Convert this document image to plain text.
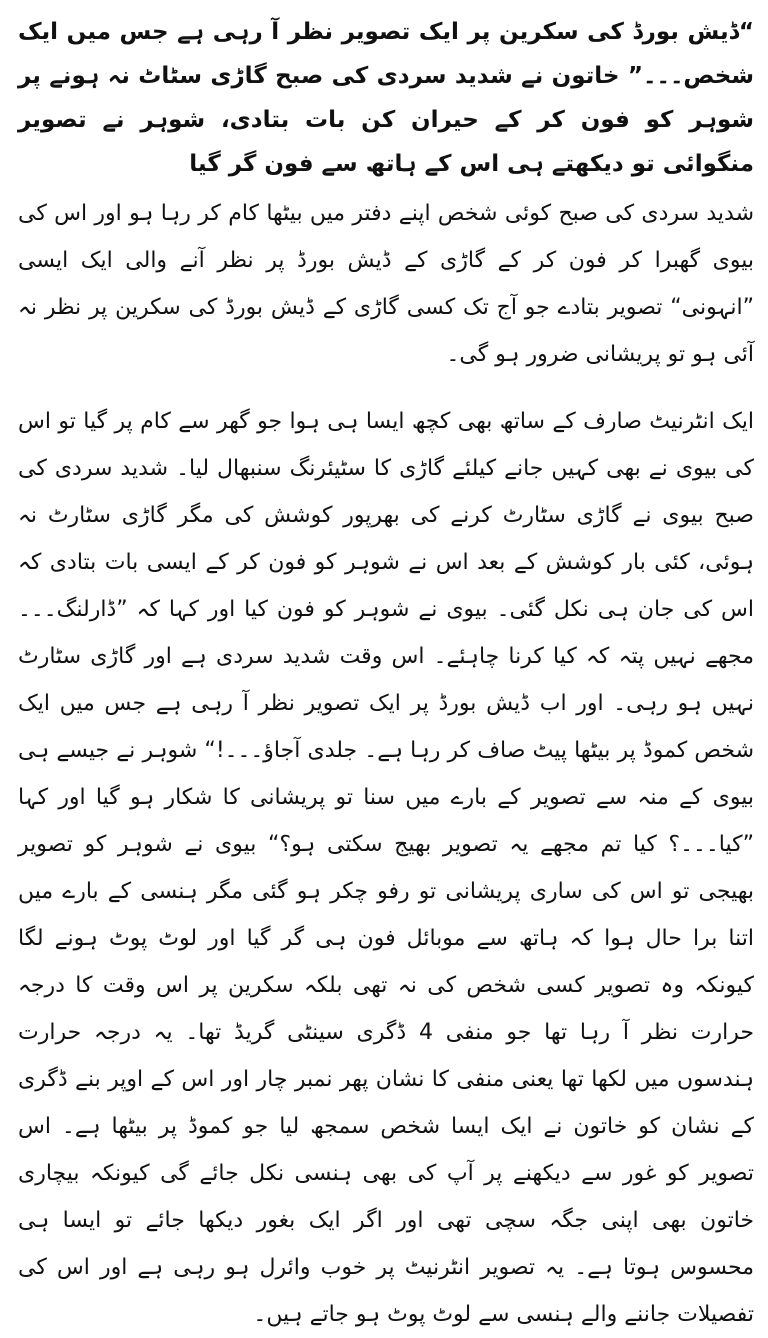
“ڈیش بورڈ کی سکرین پر ایک تصویر نظر آ رہی ہے جس میں ایک شخص۔۔۔” خاتون نے شدید سردی کی صبح گاڑی سٹاٹ نہ ہونے پر شوہر کو فون کر کے حیران کن بات بتادی، شوہر نے تصویر منگوائی تو دیکھتے ہی اس کے ہاتھ سے فون گر گیا

شدید سردی کی صبح کوئی شخص اپنے دفتر میں بیٹھا کام کر رہا ہو اور اس کی بیوی گھبرا کر فون کر کے گاڑی کے ڈیش بورڈ پر نظر آنے والی ایک ایسی ”انہونی“ تصویر بتادے جو آج تک کسی گاڑی کے ڈیش بورڈ کی سکرین پر نظر نہ آئی ہو تو پریشانی ضرور ہو گی۔

ایک انٹرنیٹ صارف کے ساتھ بھی کچھ ایسا ہی ہوا جو گھر سے کام پر گیا تو اس کی بیوی نے بھی کہیں جانے کیلئے گاڑی کا سٹیئرنگ سنبھال لیا۔ شدید سردی کی صبح بیوی نے گاڑی سٹارٹ کرنے کی بھرپور کوشش کی مگر گاڑی سٹارٹ نہ ہوئی، کئی بار کوشش کے بعد اس نے شوہر کو فون کر کے ایسی بات بتادی کہ اس کی جان ہی نکل گئی۔ بیوی نے شوہر کو فون کیا اور کہا کہ ”ڈارلنگ۔۔۔ مجھے نہیں پتہ کہ کیا کرنا چاہئے۔ اس وقت شدید سردی ہے اور گاڑی سٹارٹ نہیں ہو رہی۔ اور اب ڈیش بورڈ پر ایک تصویر نظر آ رہی ہے جس میں ایک شخص کموڈ پر بیٹھا پیٹ صاف کر رہا ہے۔ جلدی آجاؤ۔۔۔!“ شوہر نے جیسے ہی بیوی کے منہ سے تصویر کے بارے میں سنا تو پریشانی کا شکار ہو گیا اور کہا ”کیا۔۔۔؟ کیا تم مجھے یہ تصویر بھیج سکتی ہو؟“ بیوی نے شوہر کو تصویر بھیجی تو اس کی ساری پریشانی تو رفو چکر ہو گئی مگر ہنسی کے بارے میں اتنا برا حال ہوا کہ ہاتھ سے موبائل فون ہی گر گیا اور لوٹ پوٹ ہونے لگا کیونکہ وہ تصویر کسی شخص کی نہ تھی بلکہ سکرین پر اس وقت کا درجہ حرارت نظر آ رہا تھا جو منفی 4 ڈگری سینٹی گریڈ تھا۔ یہ درجہ حرارت ہندسوں میں لکھا تھا یعنی منفی کا نشان پھر نمبر چار اور اس کے اوپر بنے ڈگری کے نشان کو خاتون نے ایک ایسا شخص سمجھ لیا جو کموڈ پر بیٹھا ہے۔ اس تصویر کو غور سے دیکھنے پر آپ کی بھی ہنسی نکل جائے گی کیونکہ بیچاری خاتون بھی اپنی جگہ سچی تھی اور اگر ایک بغور دیکھا جائے تو ایسا ہی محسوس ہوتا ہے۔ یہ تصویر انٹرنیٹ پر خوب وائرل ہو رہی ہے اور اس کی تفصیلات جاننے والے ہنسی سے لوٹ پوٹ ہو جاتے ہیں۔
